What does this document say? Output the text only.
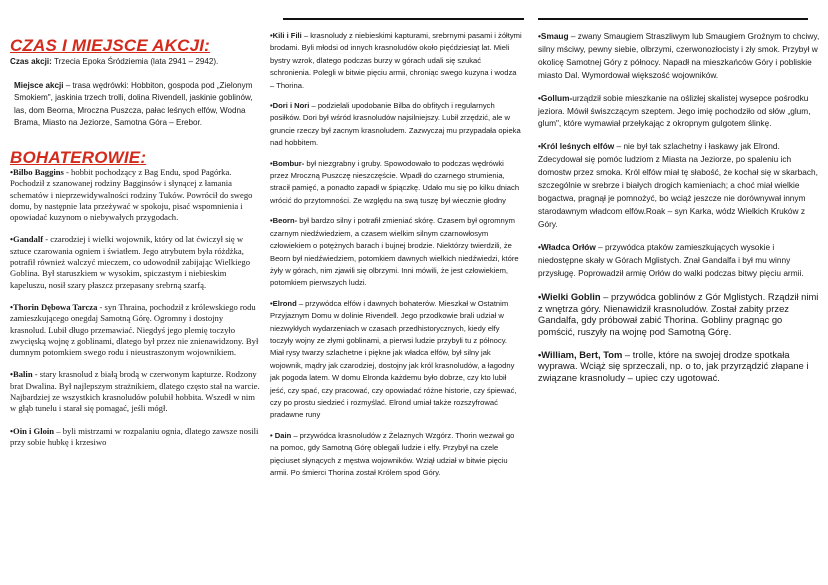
CZAS I MIEJSCE AKCJI:

Czas akcji: Trzecia Epoka Śródziemia (lata 2941 – 2942).

Miejsce akcji – trasa wędrówki: Hobbiton, gospoda pod „Zielonym Smokiem", jaskinia trzech trolli, dolina Rivendell, jaskinie goblinów, las, dom Beorna, Mroczna Puszcza, pałac leśnych elfów, Wodna Brama, Miasto na Jeziorze, Samotna Góra – Erebor.

BOHATEROWIE:
•Bilbo Baggins - hobbit pochodzący z Bag Endu, spod Pagórka. Pochodził z szanowanej rodziny Bagginsów i słynącej z łamania schematów i nieprzewidywalności rodziny Tuków. Powrócił do swego domu, by następnie lata przeżywać w spokoju, pisać wspomnienia i opowiadać kuzynom o niebywałych przygodach.
•Gandalf - czarodziej i wielki wojownik, który od lat ćwiczył się w sztuce czarowania ogniem i światłem. Jego atrybutem była różdżka, potrafił również walczyć mieczem, co udowodnił zabijając Wielkiego Goblina. Był staruszkiem w wysokim, spiczastym i niebieskim kapeluszu, nosił szary płaszcz przepasany srebrną szarfą.
•Thorin Dębowa Tarcza - syn Thraina, pochodził z królewskiego rodu zamieszkującego onegdaj Samotną Górę. Ogromny i dostojny krasnolud. Lubił długo przemawiać. Niegdyś jego plemię toczyło zwycięską wojnę z goblinami, dlatego był przez nie znienawidzony. Był dumnym potomkiem swego rodu i nieustraszonym wojownikiem.
•Balin - stary krasnolud z białą brodą w czerwonym kapturze. Rodzony brat Dwalina. Był najlepszym strażnikiem, dlatego często stał na warcie. Najbardziej ze wszystkich krasnoludów polubił hobbita. Wszedł w nim w głąb tunelu i starał się pomagać, jeśli mógł.
•Oin i Gloin – byli mistrzami w rozpalaniu ognia, dlatego zawsze nosili przy sobie hubkę i krzesiwo
•Kili i Fili – krasnoludy z niebieskimi kapturami, srebrnymi pasami i żółtymi brodami. Byli młodsi od innych krasnoludów około pięćdziesiąt lat. Mieli bystry wzrok, dlatego podczas burzy w górach udali się szukać schronienia. Polegli w bitwie pięciu armii, chroniąc swego kuzyna i wodza – Thorina.
•Dori i Nori – podzielali upodobanie Bilba do obfitych i regularnych posiłków. Dori był wśród krasnoludów najsilniejszy. Lubił zrzędzić, ale w gruncie rzeczy był zacnym krasnoludem. Zazwyczaj mu przypadała opieka nad hobbitem.
•Bombur- był niezgrabny i gruby. Spowodowało to podczas wędrówki przez Mroczną Puszczę nieszczęście. Wpadł do czarnego strumienia, stracił pamięć, a ponadto zapadł w śpiączkę. Udało mu się po kilku dniach wrócić do przytomności. Ze względu na swą tuszę był wiecznie głodny
•Beorn- był bardzo silny i potrafił zmieniać skórę. Czasem był ogromnym czarnym niedźwiedziem, a czasem wielkim silnym czarnowłosym człowiekiem o potężnych barach i bujnej brodzie. Niektórzy twierdzili, że Beorn był niedźwiedziem, potomkiem dawnych wielkich niedźwiedzi, które żyły w górach, nim zjawili się olbrzymi. Inni mówili, że jest człowiekiem, potomkiem pierwszych ludzi.
•Elrond – przywódca elfów i dawnych bohaterów. Mieszkał w Ostatnim Przyjaznym Domu w dolinie Rivendell. Jego przodkowie brali udział w niezwykłych wydarzeniach w czasach przedhistorycznych, kiedy elfy toczyły wojny ze złymi goblinami, a pierwsi ludzie przybyli tu z północy. Miał rysy twarzy szlachetne i piękne jak władca elfów, był silny jak wojownik, mądry jak czarodziej, dostojny jak król krasnoludów, a łagodny jak pogoda latem. W domu Elronda każdemu było dobrze, czy kto lubił jeść, czy spać, czy pracować, czy opowiadać różne historie, czy śpiewać, czy po prostu siedzieć i rozmyślać. Elrond umiał także rozszyfrować pradawne runy
• Dain – przywódca krasnoludów z Żelaznych Wzgórz. Thorin wezwał go na pomoc, gdy Samotną Górę oblegali ludzie i elfy. Przybył na czele pięciuset słynących z męstwa wojowników. Wziął udział w bitwie pięciu armii. Po śmierci Thorina został Królem spod Góry.
•Smaug – zwany Smaugiem Straszliwym lub Smaugiem Groźnym to chciwy, silny mściwy, pewny siebie, olbrzymi, czerwonozłocisty i zły smok. Przybył w okolicę Samotnej Góry z północy. Napadł na mieszkańców Góry i pobliskie miasto Dal. Wymordował większość wojowników.
•Gollum-urządził sobie mieszkanie na oślizłej skalistej wysepce pośrodku jeziora. Mówił świszczącym szeptem. Jego imię pochodziło od słów „glum, glum", które wymawiał przełykając z okropnym gulgotem ślinkę.
•Król leśnych elfów – nie był tak szlachetny i łaskawy jak Elrond. Zdecydował się pomóc ludziom z Miasta na Jeziorze, po spaleniu ich domostw przez smoka. Król elfów miał tę słabość, że kochał się w skarbach, szczególnie w srebrze i białych drogich kamieniach; a choć miał wielkie bogactwa, pragnął je pomnożyć, bo wciąż jeszcze nie dorównywał innym starodawnym władcom elfów.Roak – syn Karka, wódz Wielkich Kruków z Góry.
•Władca Orłów – przywódca ptaków zamieszkujących wysokie i niedostępne skały w Górach Mglistych. Znał Gandalfa i był mu winny przysługę. Poprowadził armię Orłów do walki podczas bitwy pięciu armii.
•Wielki Goblin – przywódca goblinów z Gór Mglistych. Rządził nimi z wnętrza góry. Nienawidził krasnoludów. Został zabity przez Gandalfa, gdy próbował zabić Thorina. Gobliny pragnąc go pomścić, ruszyły na wojnę pod Samotną Górę.
•William, Bert, Tom – trolle, które na swojej drodze spotkała wyprawa. Wciąż się sprzeczali, np. o to, jak przyrządzić złapane i związane krasnoludy – upiec czy ugotować.
